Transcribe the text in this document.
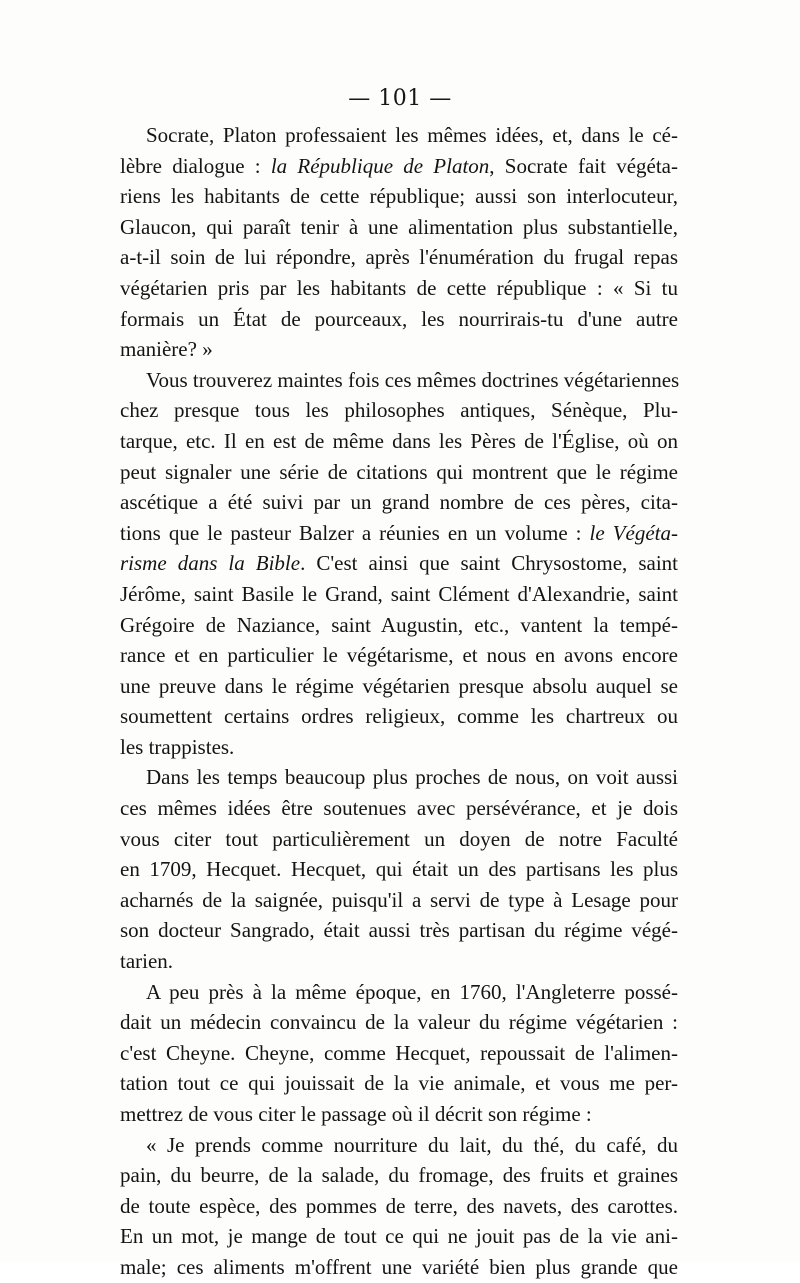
— 101 —
Socrate, Platon professaient les mêmes idées, et, dans le cé-
lèbre dialogue : la République de Platon, Socrate fait végéta-
riens les habitants de cette république; aussi son interlocuteur,
Glaucon, qui paraît tenir à une alimentation plus substantielle,
a-t-il soin de lui répondre, après l'énumération du frugal repas
végétarien pris par les habitants de cette république : « Si tu
formais un État de pourceaux, les nourrirais-tu d'une autre
manière? »
Vous trouverez maintes fois ces mêmes doctrines végétariennes
chez presque tous les philosophes antiques, Sénèque, Plu-
tarque, etc. Il en est de même dans les Pères de l'Église, où on
peut signaler une série de citations qui montrent que le régime
ascétique a été suivi par un grand nombre de ces pères, cita-
tions que le pasteur Balzer a réunies en un volume : le Végéta-
risme dans la Bible. C'est ainsi que saint Chrysostome, saint
Jérôme, saint Basile le Grand, saint Clément d'Alexandrie, saint
Grégoire de Naziance, saint Augustin, etc., vantent la tempé-
rance et en particulier le végétarisme, et nous en avons encore
une preuve dans le régime végétarien presque absolu auquel se
soumettent certains ordres religieux, comme les chartreux ou
les trappistes.
Dans les temps beaucoup plus proches de nous, on voit aussi
ces mêmes idées être soutenues avec persévérance, et je dois
vous citer tout particulièrement un doyen de notre Faculté
en 1709, Hecquet. Hecquet, qui était un des partisans les plus
acharnés de la saignée, puisqu'il a servi de type à Lesage pour
son docteur Sangrado, était aussi très partisan du régime végé-
tarien.
A peu près à la même époque, en 1760, l'Angleterre possé-
dait un médecin convaincu de la valeur du régime végétarien :
c'est Cheyne. Cheyne, comme Hecquet, repoussait de l'alimen-
tation tout ce qui jouissait de la vie animale, et vous me per-
mettrez de vous citer le passage où il décrit son régime :
« Je prends comme nourriture du lait, du thé, du café, du
pain, du beurre, de la salade, du fromage, des fruits et graines
de toute espèce, des pommes de terre, des navets, des carottes.
En un mot, je mange de tout ce qui ne jouit pas de la vie ani-
male; ces aliments m'offrent une variété bien plus grande que
